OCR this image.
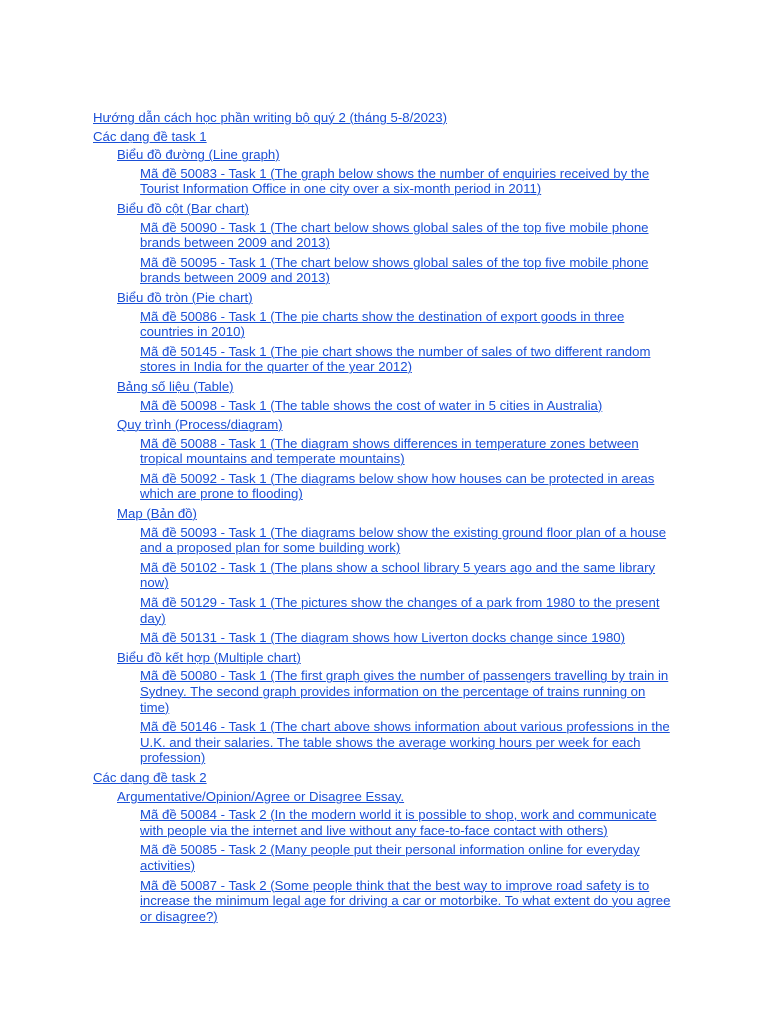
Hướng dẫn cách học phần writing bộ quý 2 (tháng 5-8/2023)
Các dạng đề task 1
Biểu đồ đường (Line graph)
Mã đề 50083 - Task 1 (The graph below shows the number of enquiries received by the Tourist Information Office in one city over a six-month period in 2011)
Biểu đồ cột (Bar chart)
Mã đề 50090 - Task 1 (The chart below shows global sales of the top five mobile phone brands between 2009 and 2013)
Mã đề 50095 - Task 1 (The chart below shows global sales of the top five mobile phone brands between 2009 and 2013)
Biểu đồ tròn (Pie chart)
Mã đề 50086 - Task 1 (The pie charts show the destination of export goods in three countries in 2010)
Mã đề 50145 - Task 1 (The pie chart shows the number of sales of two different random stores in India for the quarter of the year 2012)
Bảng số liệu (Table)
Mã đề 50098 - Task 1 (The table shows the cost of water in 5 cities in Australia)
Quy trình (Process/diagram)
Mã đề 50088 - Task 1 (The diagram shows differences in temperature zones between tropical mountains and temperate mountains)
Mã đề 50092 - Task 1 (The diagrams below show how houses can be protected in areas which are prone to flooding)
Map (Bản đồ)
Mã đề 50093 - Task 1 (The diagrams below show the existing ground floor plan of a house and a proposed plan for some building work)
Mã đề 50102 - Task 1 (The plans show a school library 5 years ago and the same library now)
Mã đề 50129 - Task 1 (The pictures show the changes of a park from 1980 to the present day)
Mã đề 50131 - Task 1 (The diagram shows how Liverton docks change since 1980)
Biểu đồ kết hợp (Multiple chart)
Mã đề 50080 - Task 1 (The first graph gives the number of passengers travelling by train in Sydney. The second graph provides information on the percentage of trains running on time)
Mã đề 50146 - Task 1 (The chart above shows information about various professions in the U.K. and their salaries. The table shows the average working hours per week for each profession)
Các dạng đề task 2
Argumentative/Opinion/Agree or Disagree Essay.
Mã đề 50084 - Task 2 (In the modern world it is possible to shop, work and communicate with people via the internet and live without any face-to-face contact with others)
Mã đề 50085 - Task 2 (Many people put their personal information online for everyday activities)
Mã đề 50087 - Task 2 (Some people think that the best way to improve road safety is to increase the minimum legal age for driving a car or motorbike. To what extent do you agree or disagree?)
